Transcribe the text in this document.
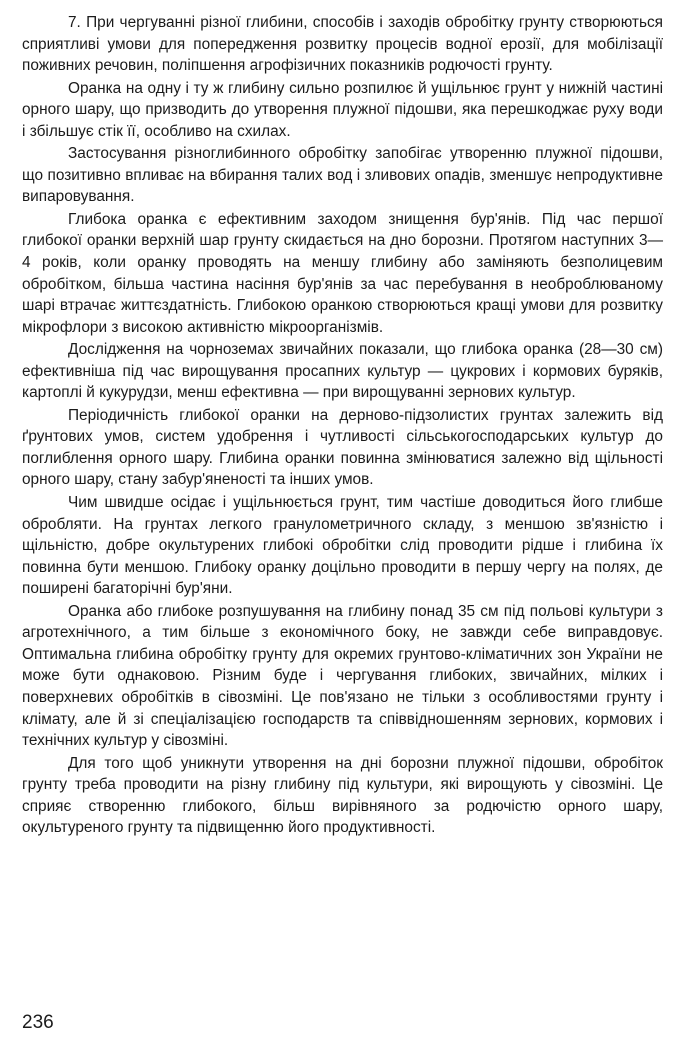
7. При чергуванні різної глибини, способів і заходів обробітку грунту створюються сприятливі умови для попередження розвитку процесів водної ерозії, для мобілізації поживних речовин, поліпшення агрофізичних показників родючості грунту.

Оранка на одну і ту ж глибину сильно розпилює й ущільнює грунт у нижній частині орного шару, що призводить до утворення плужної підошви, яка перешкоджає руху води і збільшує стік її, особливо на схилах.

Застосування різноглибинного обробітку запобігає утворенню плужної підошви, що позитивно впливає на вбирання талих вод і зливових опадів, зменшує непродуктивне випаровування.

Глибока оранка є ефективним заходом знищення бур'янів. Під час першої глибокої оранки верхній шар грунту скидається на дно борозни. Протягом наступних 3—4 років, коли оранку проводять на меншу глибину або заміняють безполицевим обробітком, більша частина насіння бур'янів за час перебування в необроблюваному шарі втрачає життєздатність. Глибокою оранкою створюються кращі умови для розвитку мікрофлори з високою активністю мікроорганізмів.

Дослідження на чорноземах звичайних показали, що глибока оранка (28—30 см) ефективніша під час вирощування просапних культур — цукрових і кормових буряків, картоплі й кукурудзи, менш ефективна — при вирощуванні зернових культур.

Періодичність глибокої оранки на дерново-підзолистих грунтах залежить від ґрунтових умов, систем удобрення і чутливості сільськогосподарських культур до поглиблення орного шару. Глибина оранки повинна змінюватися залежно від щільності орного шару, стану забур'яненості та інших умов.

Чим швидше осідає і ущільнюється грунт, тим частіше доводиться його глибше обробляти. На грунтах легкого гранулометричного складу, з меншою зв'язністю і щільністю, добре окультурених глибокі обробітки слід проводити рідше і глибина їх повинна бути меншою. Глибоку оранку доцільно проводити в першу чергу на полях, де поширені багаторічні бур'яни.

Оранка або глибоке розпушування на глибину понад 35 см під польові культури з агротехнічного, а тим більше з економічного боку, не завжди себе виправдовує. Оптимальна глибина обробітку грунту для окремих грунтово-кліматичних зон України не може бути однаковою. Різним буде і чергування глибоких, звичайних, мілких і поверхневих обробітків в сівозміні. Це пов'язано не тільки з особливостями грунту і клімату, але й зі спеціалізацією господарств та співвідношенням зернових, кормових і технічних культур у сівозміні.

Для того щоб уникнути утворення на дні борозни плужної підошви, обробіток грунту треба проводити на різну глибину під культури, які вирощують у сівозміні. Це сприяє створенню глибокого, більш вирівняного за родючістю орного шару, окультуреного грунту та підвищенню його продуктивності.

236
